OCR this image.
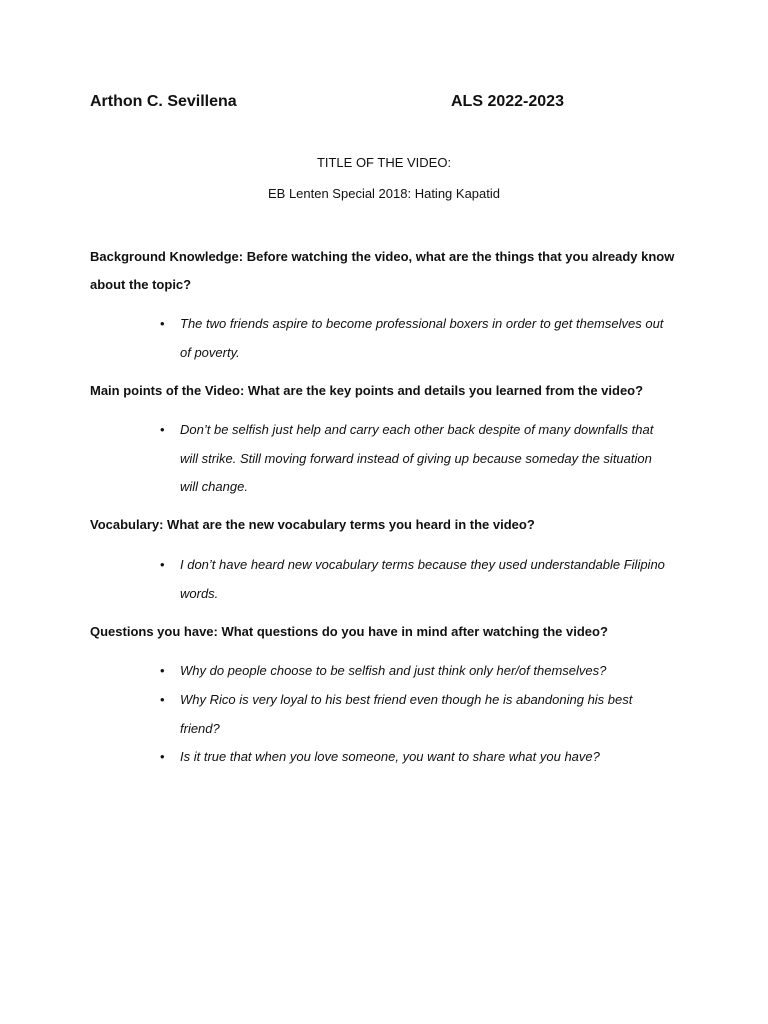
Arthon C. Sevillena	ALS 2022-2023
TITLE OF THE VIDEO:
EB Lenten Special 2018: Hating Kapatid
Background Knowledge: Before watching the video, what are the things that you already know about the topic?
• The two friends aspire to become professional boxers in order to get themselves out of poverty.
Main points of the Video: What are the key points and details you learned from the video?
• Don’t be selfish just help and carry each other back despite of many downfalls that will strike. Still moving forward instead of giving up because someday the situation will change.
Vocabulary: What are the new vocabulary terms you heard in the video?
• I don’t have heard new vocabulary terms because they used understandable Filipino words.
Questions you have: What questions do you have in mind after watching the video?
• Why do people choose to be selfish and just think only her/of themselves?
• Why Rico is very loyal to his best friend even though he is abandoning his best friend?
• Is it true that when you love someone, you want to share what you have?
